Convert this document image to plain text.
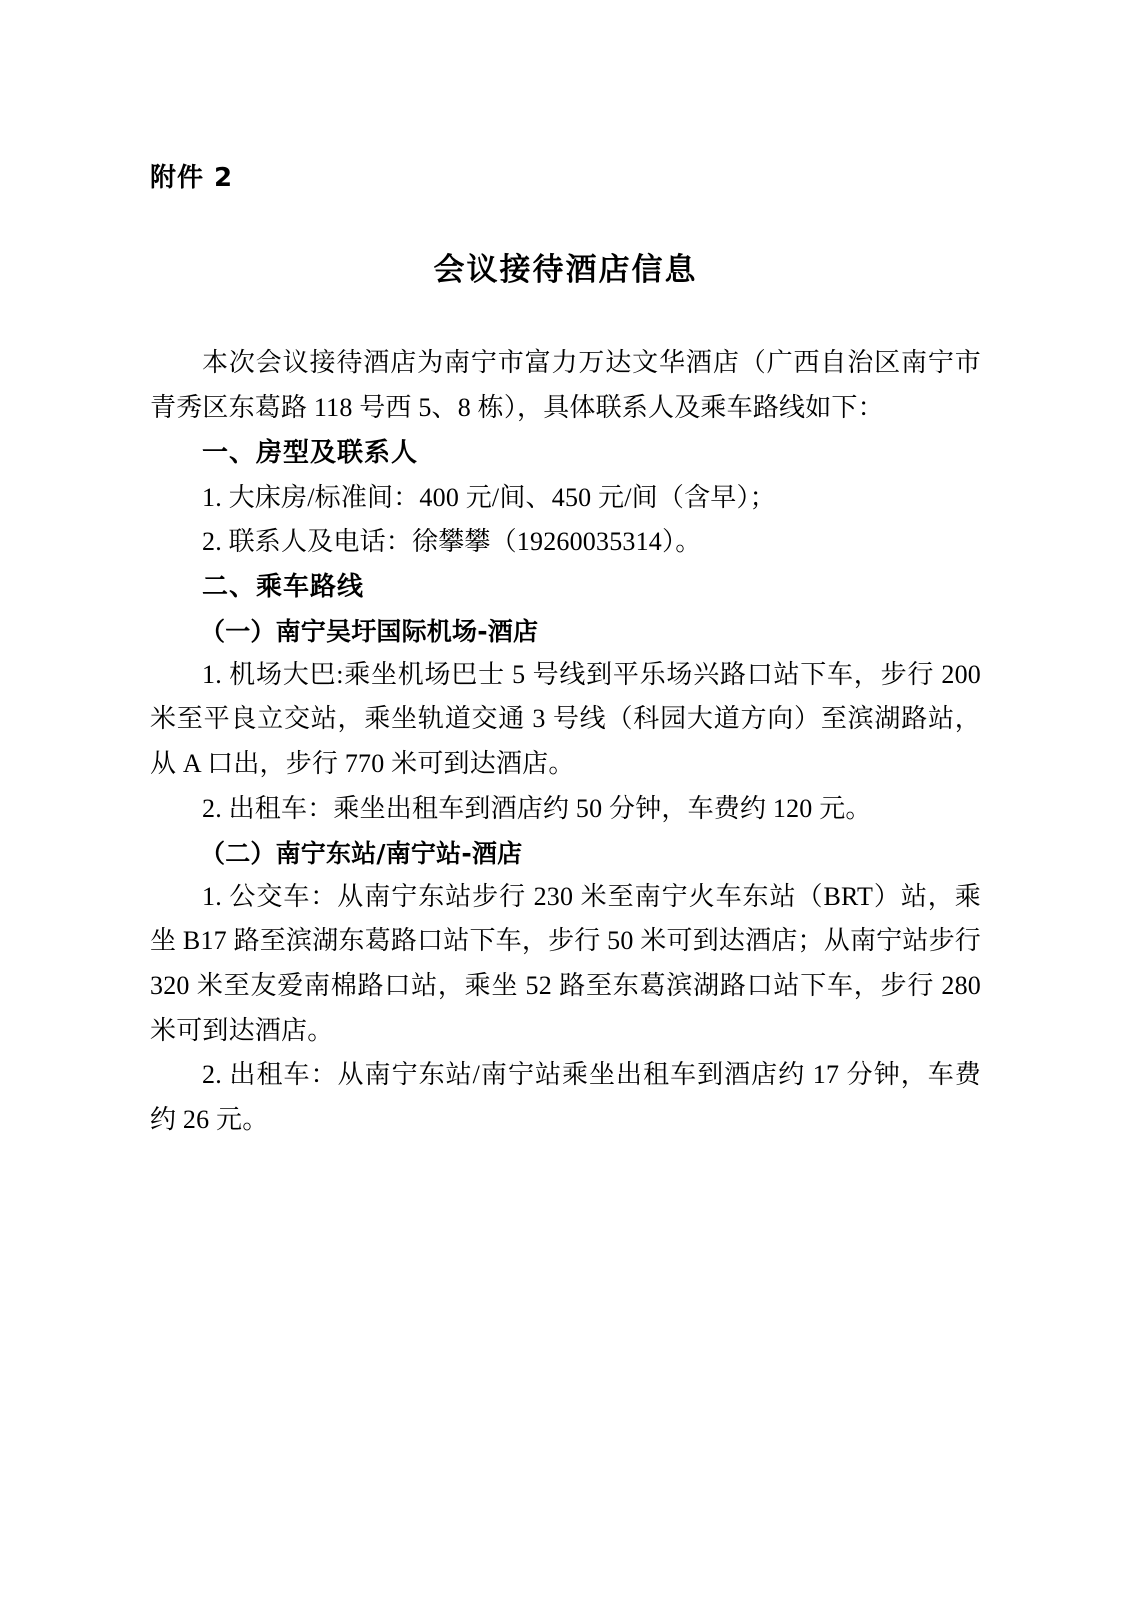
附件 2
会议接待酒店信息

本次会议接待酒店为南宁市富力万达文华酒店（广西自治区南宁市青秀区东葛路 118 号西 5、8 栋），具体联系人及乘车路线如下：

一、房型及联系人

1. 大床房/标准间：400 元/间、450 元/间（含早）；

2. 联系人及电话：徐攀攀（19260035314）。

二、乘车路线

（一）南宁吴圩国际机场-酒店

1. 机场大巴:乘坐机场巴士 5 号线到平乐场兴路口站下车，步行 200 米至平良立交站，乘坐轨道交通 3 号线（科园大道方向）至滨湖路站，从 A 口出，步行 770 米可到达酒店。

2. 出租车：乘坐出租车到酒店约 50 分钟，车费约 120 元。

（二）南宁东站/南宁站-酒店

1. 公交车：从南宁东站步行 230 米至南宁火车东站（BRT）站，乘坐 B17 路至滨湖东葛路口站下车，步行 50 米可到达酒店；从南宁站步行 320 米至友爱南棉路口站，乘坐 52 路至东葛滨湖路口站下车，步行 280 米可到达酒店。

2. 出租车：从南宁东站/南宁站乘坐出租车到酒店约 17 分钟，车费约 26 元。
